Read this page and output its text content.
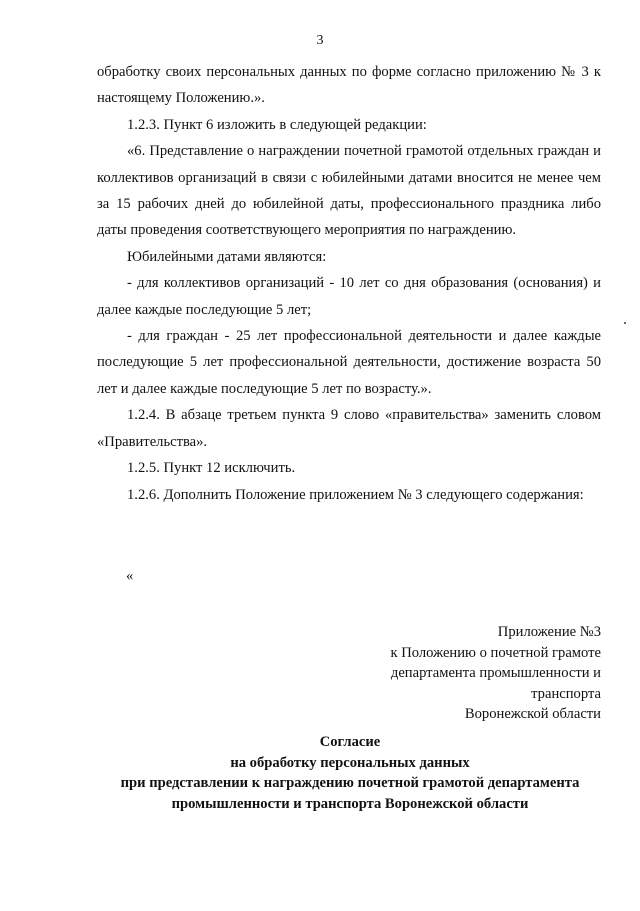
3

обработку своих персональных данных по форме согласно приложению № 3 к настоящему Положению.».

1.2.3. Пункт 6 изложить в следующей редакции:

«6. Представление о награждении почетной грамотой отдельных граждан и коллективов организаций в связи с юбилейными датами вносится не менее чем за 15 рабочих дней до юбилейной даты, профессионального праздника либо даты проведения соответствующего мероприятия по награждению.

Юбилейными датами являются:

- для коллективов организаций - 10 лет со дня образования (основания) и далее каждые последующие 5 лет;

- для граждан - 25 лет профессиональной деятельности и далее каждые последующие 5 лет профессиональной деятельности, достижение возраста 50 лет и далее каждые последующие 5 лет по возрасту.».

1.2.4. В абзаце третьем пункта 9 слово «правительства» заменить словом «Правительства».

1.2.5. Пункт 12 исключить.

1.2.6. Дополнить Положение приложением № 3 следующего содержания:

«
Приложение №3
к Положению о почетной грамоте
департамента промышленности и
транспорта
Воронежской области
Согласие
на обработку персональных данных
при представлении к награждению почетной грамотой департамента
промышленности и транспорта Воронежской области
